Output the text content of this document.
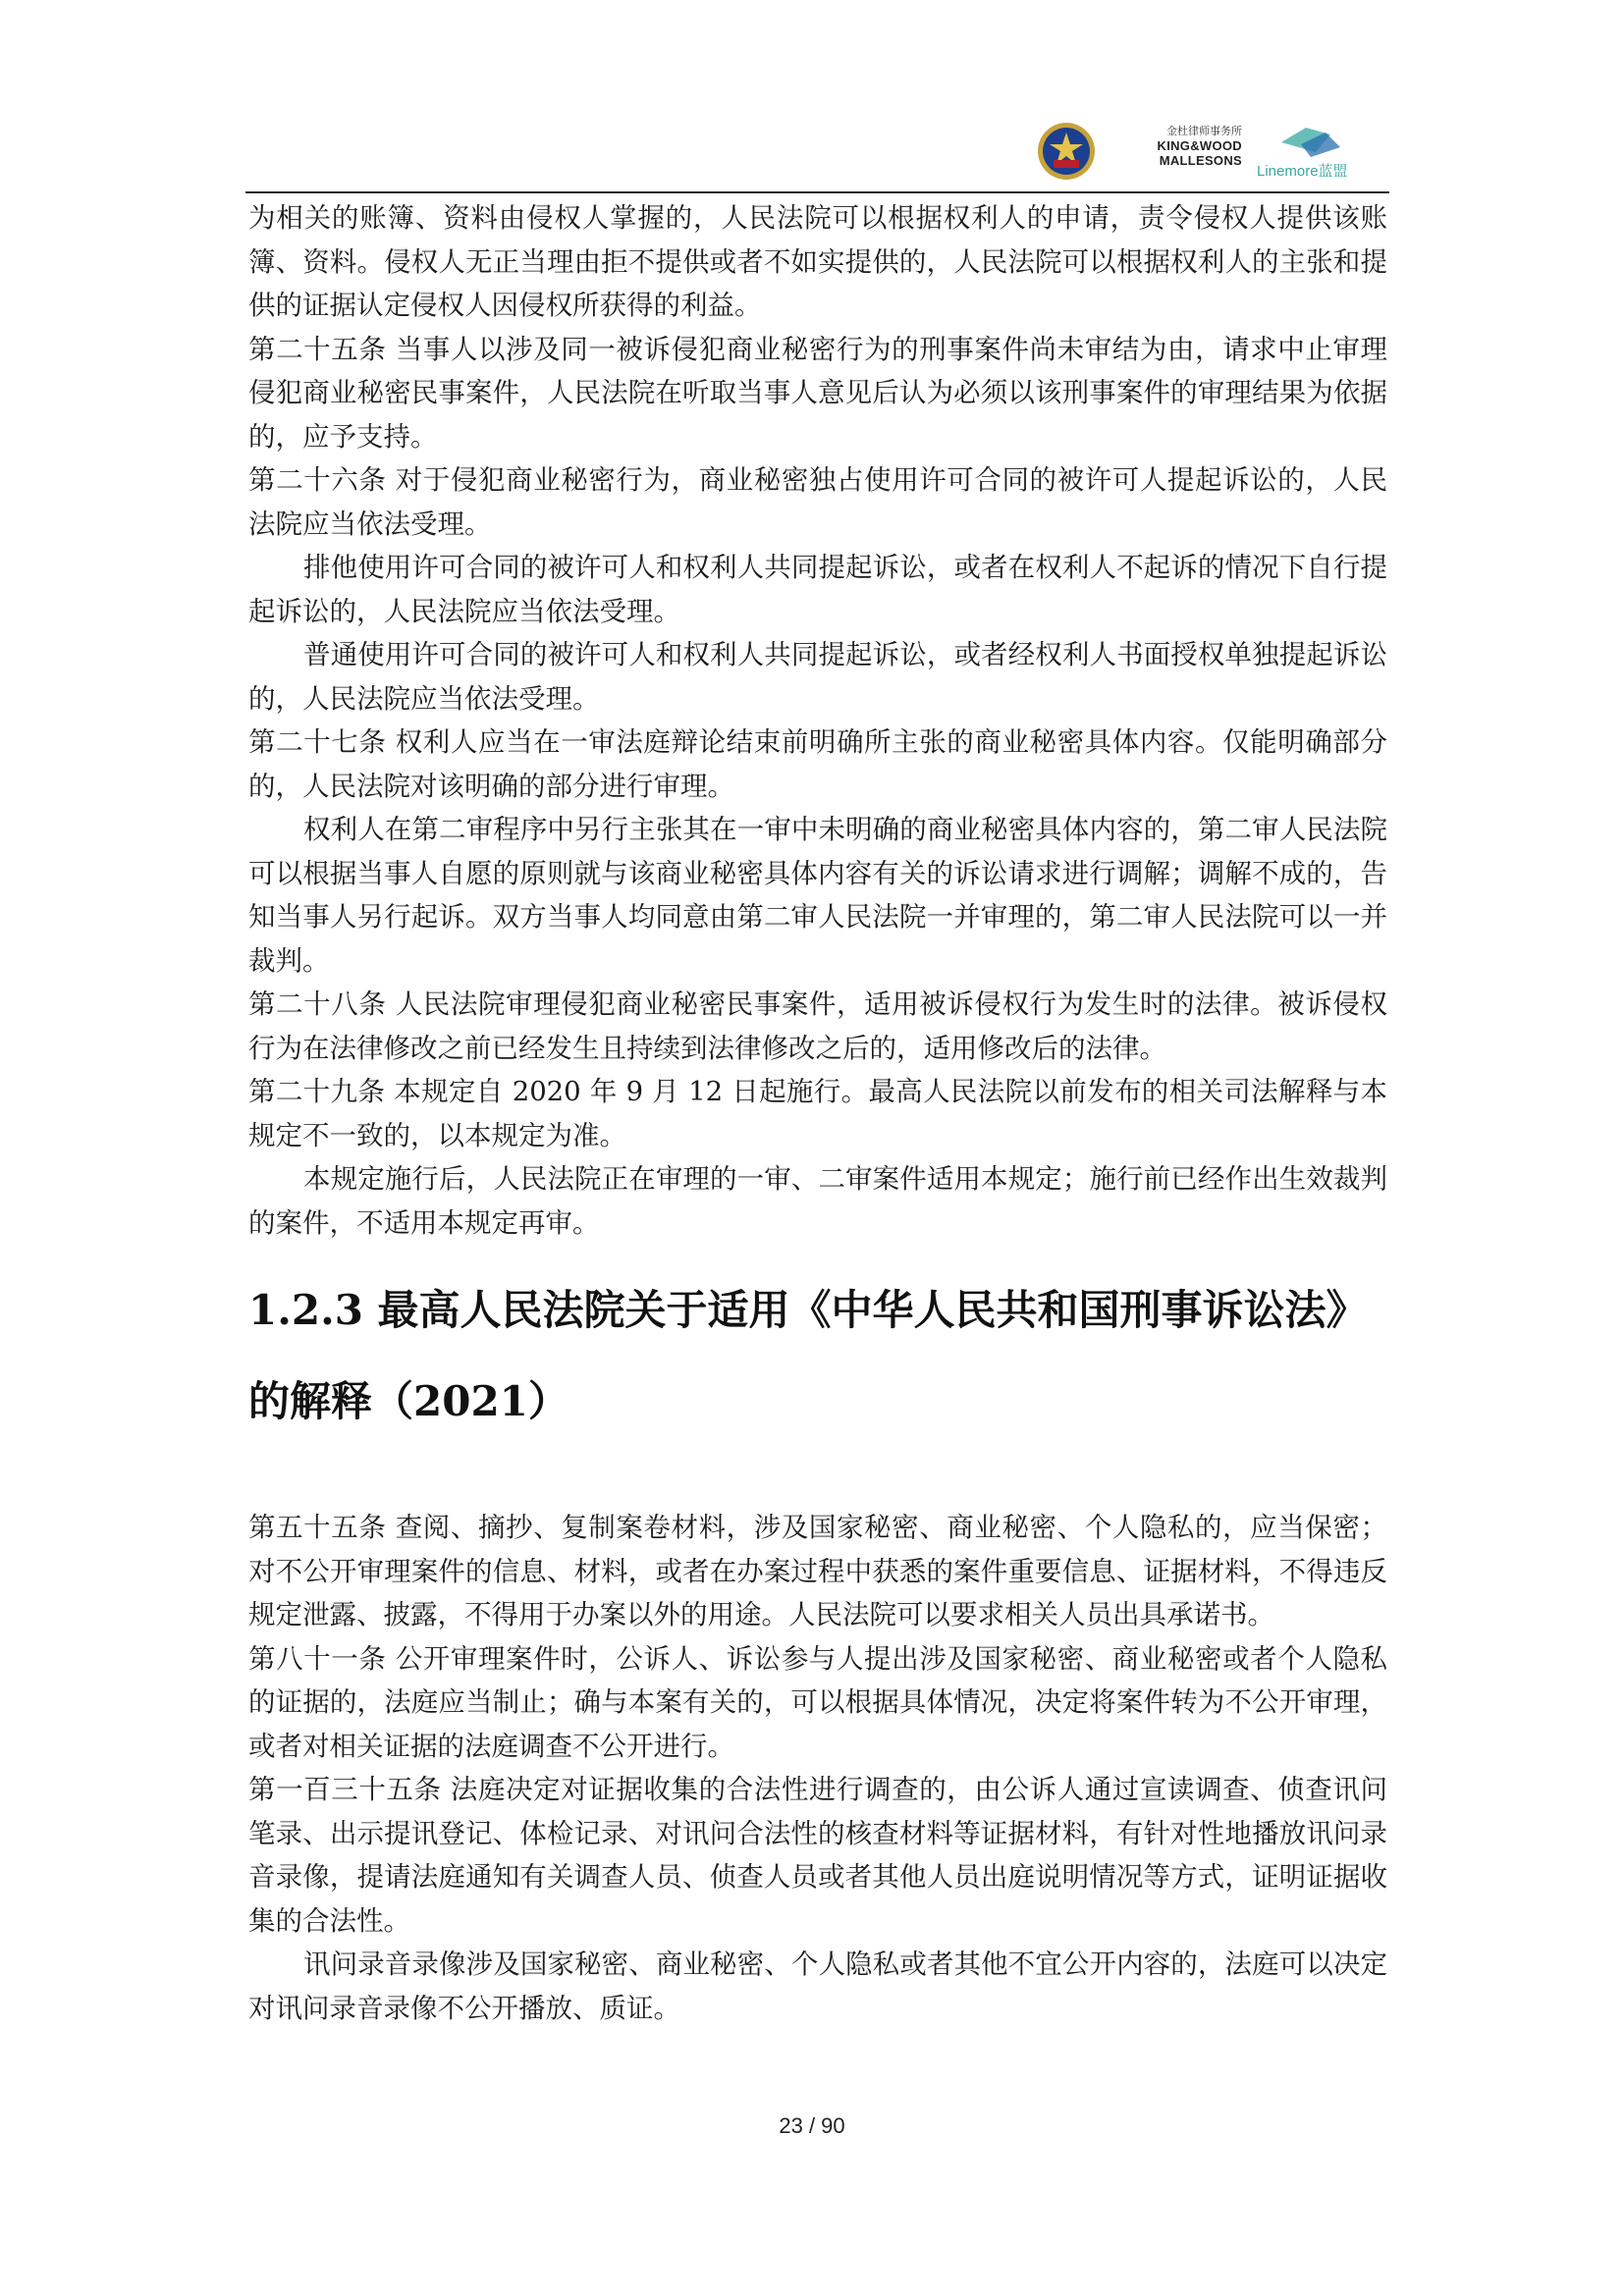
金杜律师事务所
KING&WOOD
MALLESONS
Linemore蓝盟

为相关的账簿、资料由侵权人掌握的，人民法院可以根据权利人的申请，责令侵权人提供该账簿、资料。侵权人无正当理由拒不提供或者不如实提供的，人民法院可以根据权利人的主张和提供的证据认定侵权人因侵权所获得的利益。

第二十五条 当事人以涉及同一被诉侵犯商业秘密行为的刑事案件尚未审结为由，请求中止审理侵犯商业秘密民事案件，人民法院在听取当事人意见后认为必须以该刑事案件的审理结果为依据的，应予支持。

第二十六条 对于侵犯商业秘密行为，商业秘密独占使用许可合同的被许可人提起诉讼的，人民法院应当依法受理。

排他使用许可合同的被许可人和权利人共同提起诉讼，或者在权利人不起诉的情况下自行提起诉讼的，人民法院应当依法受理。

普通使用许可合同的被许可人和权利人共同提起诉讼，或者经权利人书面授权单独提起诉讼的，人民法院应当依法受理。

第二十七条 权利人应当在一审法庭辩论结束前明确所主张的商业秘密具体内容。仅能明确部分的，人民法院对该明确的部分进行审理。

权利人在第二审程序中另行主张其在一审中未明确的商业秘密具体内容的，第二审人民法院可以根据当事人自愿的原则就与该商业秘密具体内容有关的诉讼请求进行调解；调解不成的，告知当事人另行起诉。双方当事人均同意由第二审人民法院一并审理的，第二审人民法院可以一并裁判。

第二十八条 人民法院审理侵犯商业秘密民事案件，适用被诉侵权行为发生时的法律。被诉侵权行为在法律修改之前已经发生且持续到法律修改之后的，适用修改后的法律。

第二十九条 本规定自 2020 年 9 月 12 日起施行。最高人民法院以前发布的相关司法解释与本规定不一致的，以本规定为准。

本规定施行后，人民法院正在审理的一审、二审案件适用本规定；施行前已经作出生效裁判的案件，不适用本规定再审。

1.2.3 最高人民法院关于适用《中华人民共和国刑事诉讼法》
的解释（2021）

第五十五条 查阅、摘抄、复制案卷材料，涉及国家秘密、商业秘密、个人隐私的，应当保密；对不公开审理案件的信息、材料，或者在办案过程中获悉的案件重要信息、证据材料，不得违反规定泄露、披露，不得用于办案以外的用途。人民法院可以要求相关人员出具承诺书。

第八十一条 公开审理案件时，公诉人、诉讼参与人提出涉及国家秘密、商业秘密或者个人隐私的证据的，法庭应当制止；确与本案有关的，可以根据具体情况，决定将案件转为不公开审理，或者对相关证据的法庭调查不公开进行。

第一百三十五条 法庭决定对证据收集的合法性进行调查的，由公诉人通过宣读调查、侦查讯问笔录、出示提讯登记、体检记录、对讯问合法性的核查材料等证据材料，有针对性地播放讯问录音录像，提请法庭通知有关调查人员、侦查人员或者其他人员出庭说明情况等方式，证明证据收集的合法性。

讯问录音录像涉及国家秘密、商业秘密、个人隐私或者其他不宜公开内容的，法庭可以决定对讯问录音录像不公开播放、质证。

23 / 90
